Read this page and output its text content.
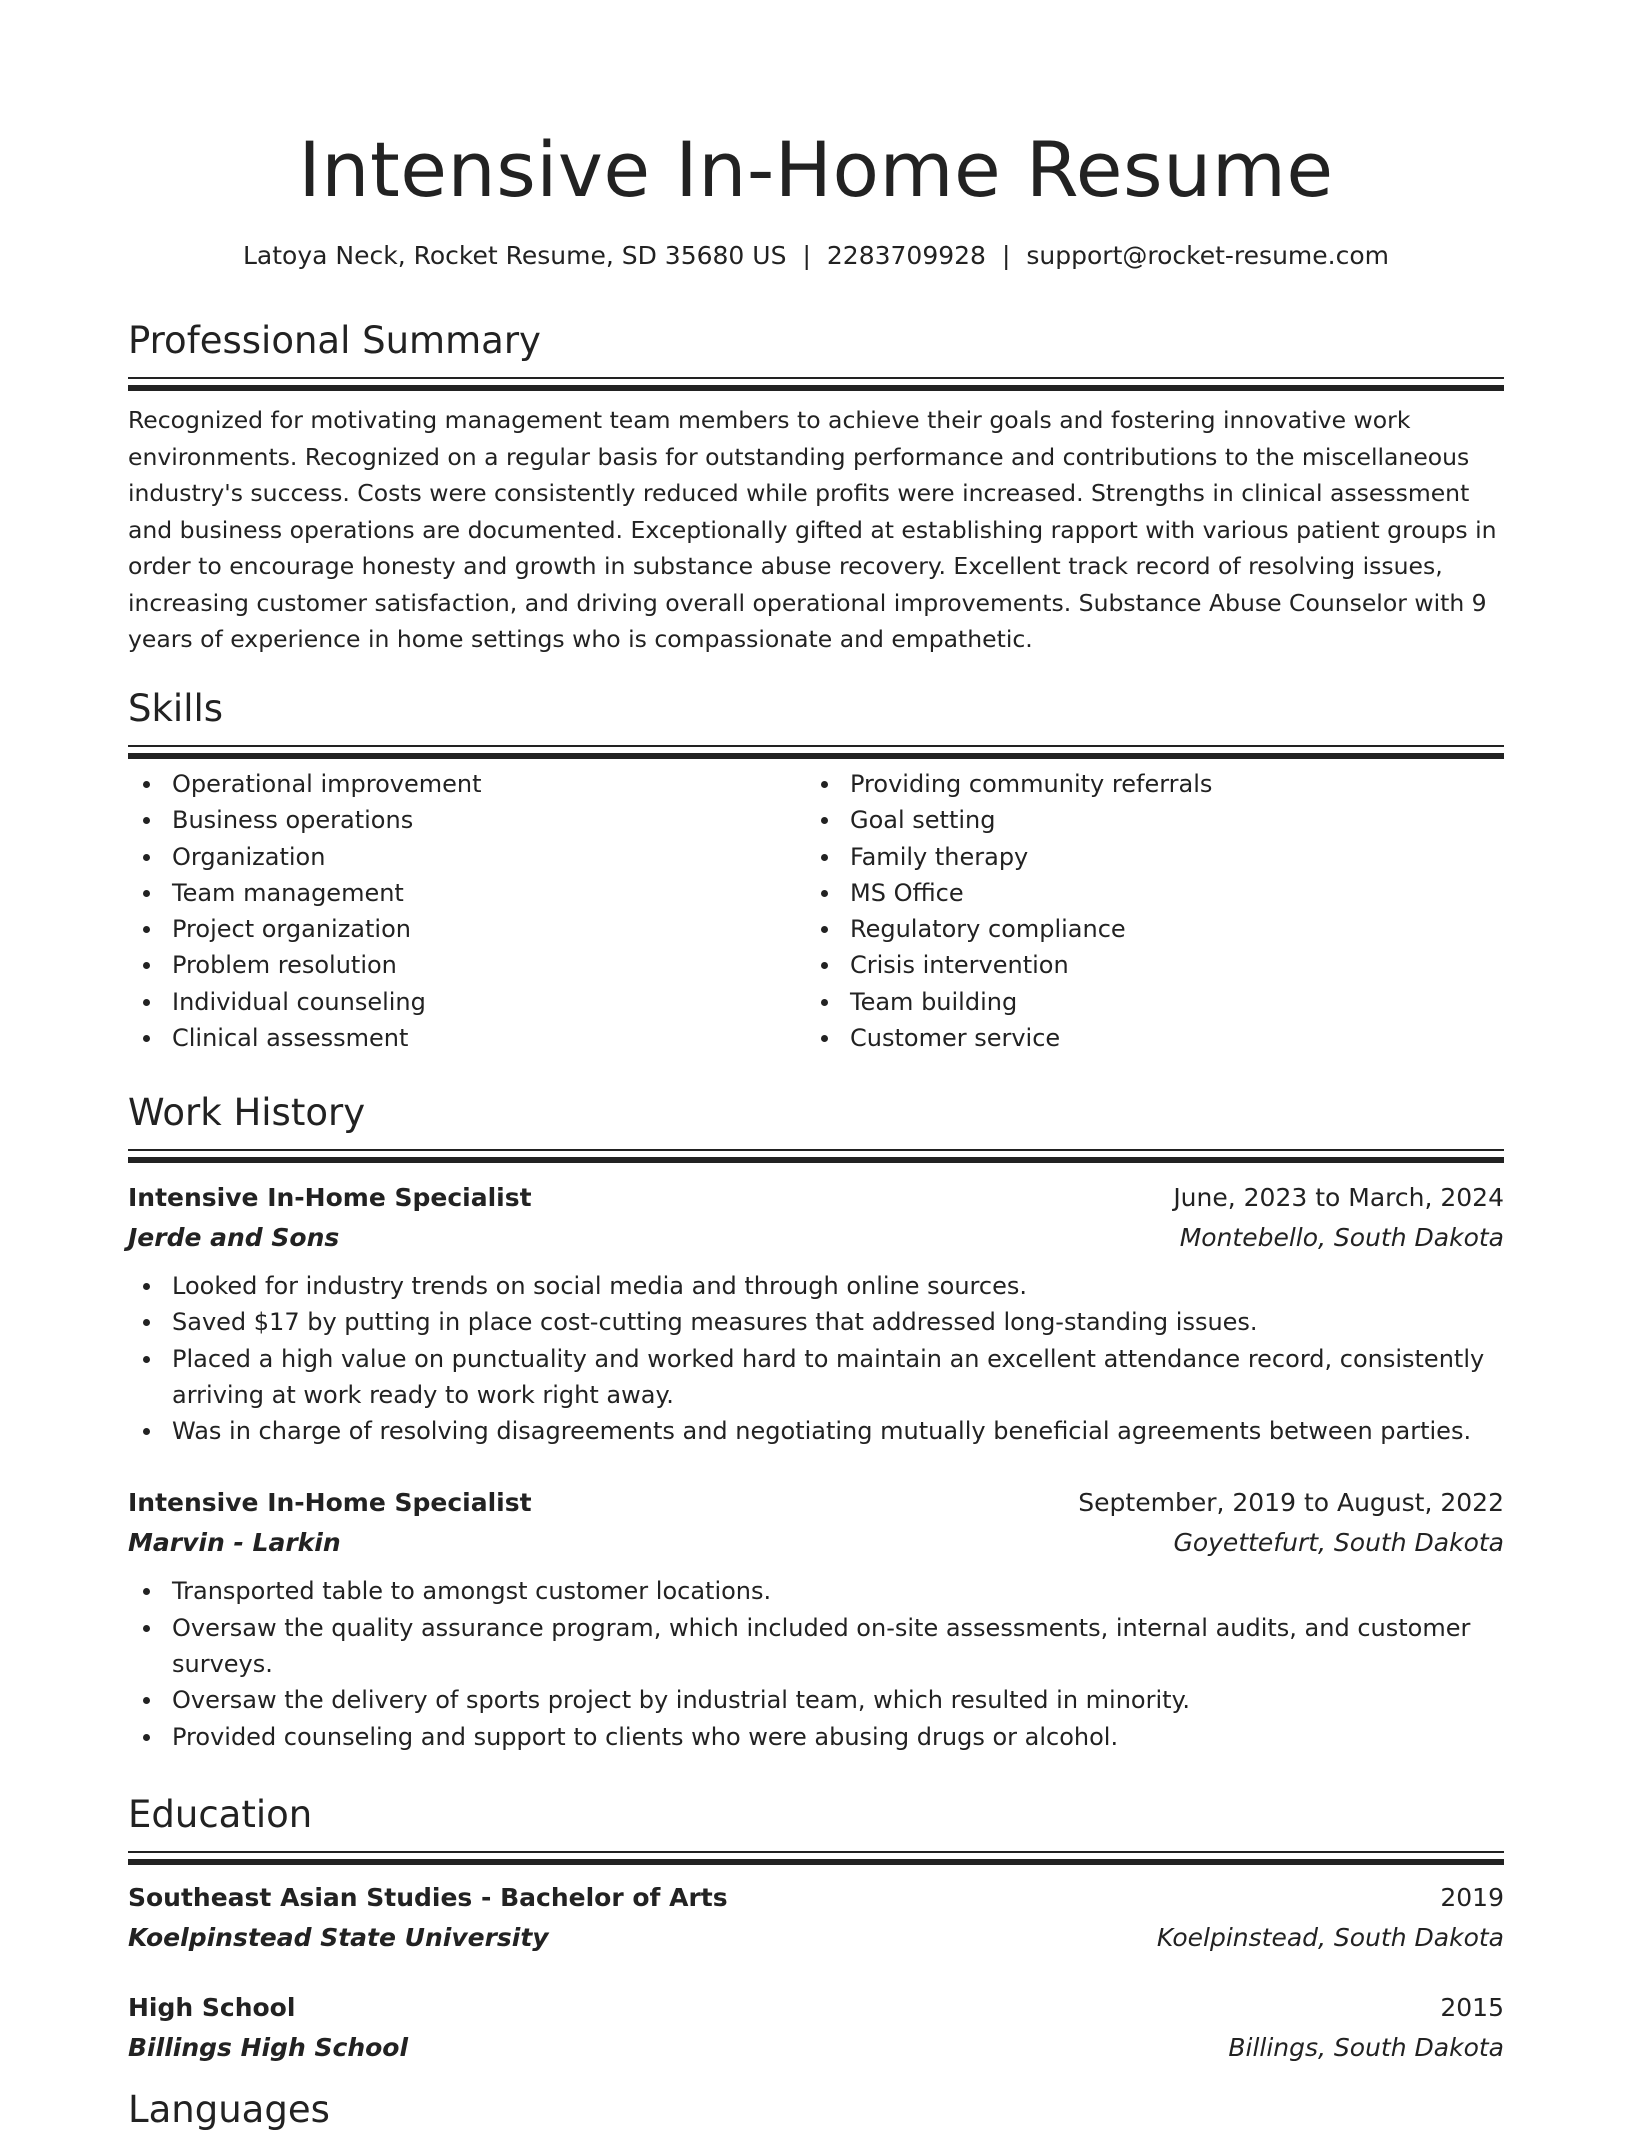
Intensive In-Home Resume
Latoya Neck, Rocket Resume, SD 35680 US | 2283709928 | support@rocket-resume.com
Professional Summary

Recognized for motivating management team members to achieve their goals and fostering innovative work environments. Recognized on a regular basis for outstanding performance and contributions to the miscellaneous industry's success. Costs were consistently reduced while profits were increased. Strengths in clinical assessment and business operations are documented. Exceptionally gifted at establishing rapport with various patient groups in order to encourage honesty and growth in substance abuse recovery. Excellent track record of resolving issues, increasing customer satisfaction, and driving overall operational improvements. Substance Abuse Counselor with 9 years of experience in home settings who is compassionate and empathetic.

Skills
Operational improvement
Business operations
Organization
Team management
Project organization
Problem resolution
Individual counseling
Clinical assessment
Providing community referrals
Goal setting
Family therapy
MS Office
Regulatory compliance
Crisis intervention
Team building
Customer service
Work History
Intensive In-Home Specialist	June, 2023 to March, 2024
Jerde and Sons	Montebello, South Dakota
Looked for industry trends on social media and through online sources.
Saved $17 by putting in place cost-cutting measures that addressed long-standing issues.
Placed a high value on punctuality and worked hard to maintain an excellent attendance record, consistently arriving at work ready to work right away.
Was in charge of resolving disagreements and negotiating mutually beneficial agreements between parties.
Intensive In-Home Specialist	September, 2019 to August, 2022
Marvin - Larkin	Goyettefurt, South Dakota
Transported table to amongst customer locations.
Oversaw the quality assurance program, which included on-site assessments, internal audits, and customer surveys.
Oversaw the delivery of sports project by industrial team, which resulted in minority.
Provided counseling and support to clients who were abusing drugs or alcohol.
Education
Southeast Asian Studies - Bachelor of Arts	2019
Koelpinstead State University	Koelpinstead, South Dakota
High School	2015
Billings High School	Billings, South Dakota
Languages
